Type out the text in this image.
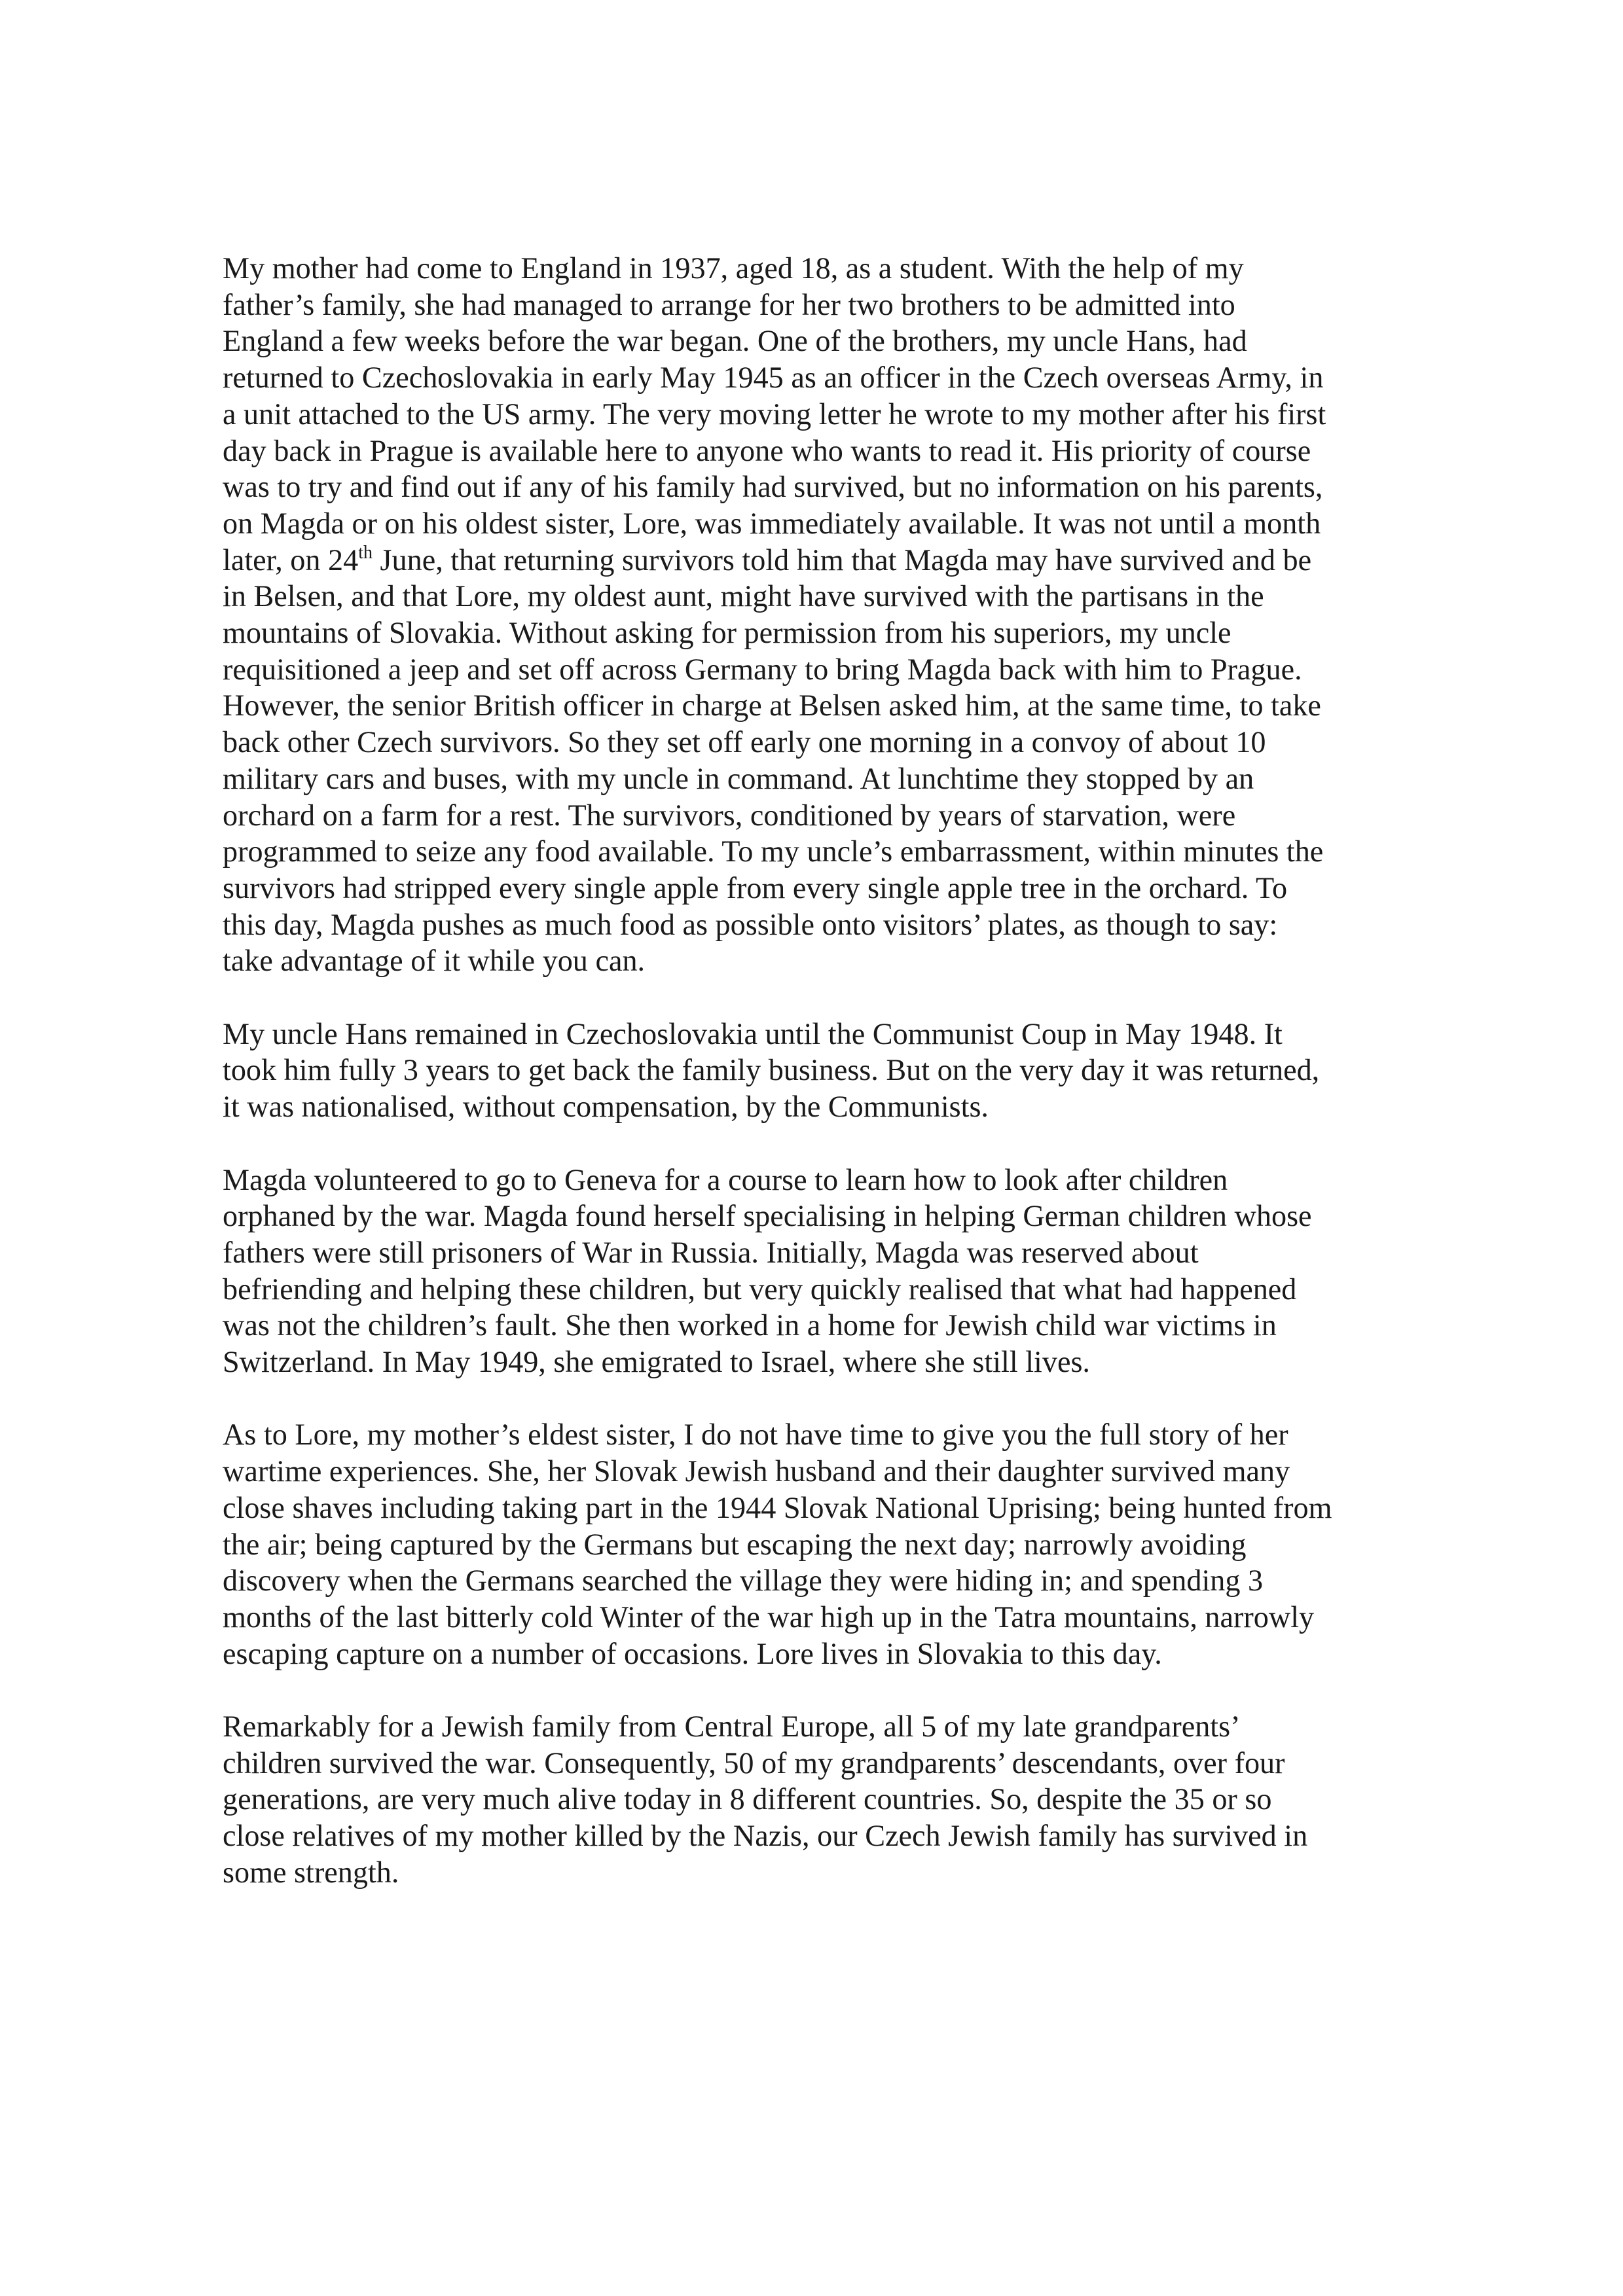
My mother had come to England in 1937, aged 18, as a student. With the help of my
father’s family, she had managed to arrange for her two brothers to be admitted into
England a few weeks before the war began. One of the brothers, my uncle Hans, had
returned to Czechoslovakia in early May 1945 as an officer in the Czech overseas Army, in
a unit attached to the US army. The very moving letter he wrote to my mother after his first
day back in Prague is available here to anyone who wants to read it. His priority of course
was to try and find out if any of his family had survived, but no information on his parents,
on Magda or on his oldest sister, Lore, was immediately available. It was not until a month
later, on 24th June, that returning survivors told him that Magda may have survived and be
in Belsen, and that Lore, my oldest aunt, might have survived with the partisans in the
mountains of Slovakia. Without asking for permission from his superiors, my uncle
requisitioned a jeep and set off across Germany to bring Magda back with him to Prague.
However, the senior British officer in charge at Belsen asked him, at the same time, to take
back other Czech survivors. So they set off early one morning in a convoy of about 10
military cars and buses, with my uncle in command. At lunchtime they stopped by an
orchard on a farm for a rest. The survivors, conditioned by years of starvation, were
programmed to seize any food available. To my uncle’s embarrassment, within minutes the
survivors had stripped every single apple from every single apple tree in the orchard. To
this day, Magda pushes as much food as possible onto visitors’ plates, as though to say:
take advantage of it while you can.
My uncle Hans remained in Czechoslovakia until the Communist Coup in May 1948. It
took him fully 3 years to get back the family business. But on the very day it was returned,
it was nationalised, without compensation, by the Communists.
Magda volunteered to go to Geneva for a course to learn how to look after children
orphaned by the war. Magda found herself specialising in helping German children whose
fathers were still prisoners of War in Russia. Initially, Magda was reserved about
befriending and helping these children, but very quickly realised that what had happened
was not the children’s fault. She then worked in a home for Jewish child war victims in
Switzerland. In May 1949, she emigrated to Israel, where she still lives.
As to Lore, my mother’s eldest sister, I do not have time to give you the full story of her
wartime experiences. She, her Slovak Jewish husband and their daughter survived many
close shaves including taking part in the 1944 Slovak National Uprising; being hunted from
the air; being captured by the Germans but escaping the next day; narrowly avoiding
discovery when the Germans searched the village they were hiding in; and spending 3
months of the last bitterly cold Winter of the war high up in the Tatra mountains, narrowly
escaping capture on a number of occasions. Lore lives in Slovakia to this day.
Remarkably for a Jewish family from Central Europe, all 5 of my late grandparents’
children survived the war. Consequently, 50 of my grandparents’ descendants, over four
generations, are very much alive today in 8 different countries. So, despite the 35 or so
close relatives of my mother killed by the Nazis, our Czech Jewish family has survived in
some strength.
